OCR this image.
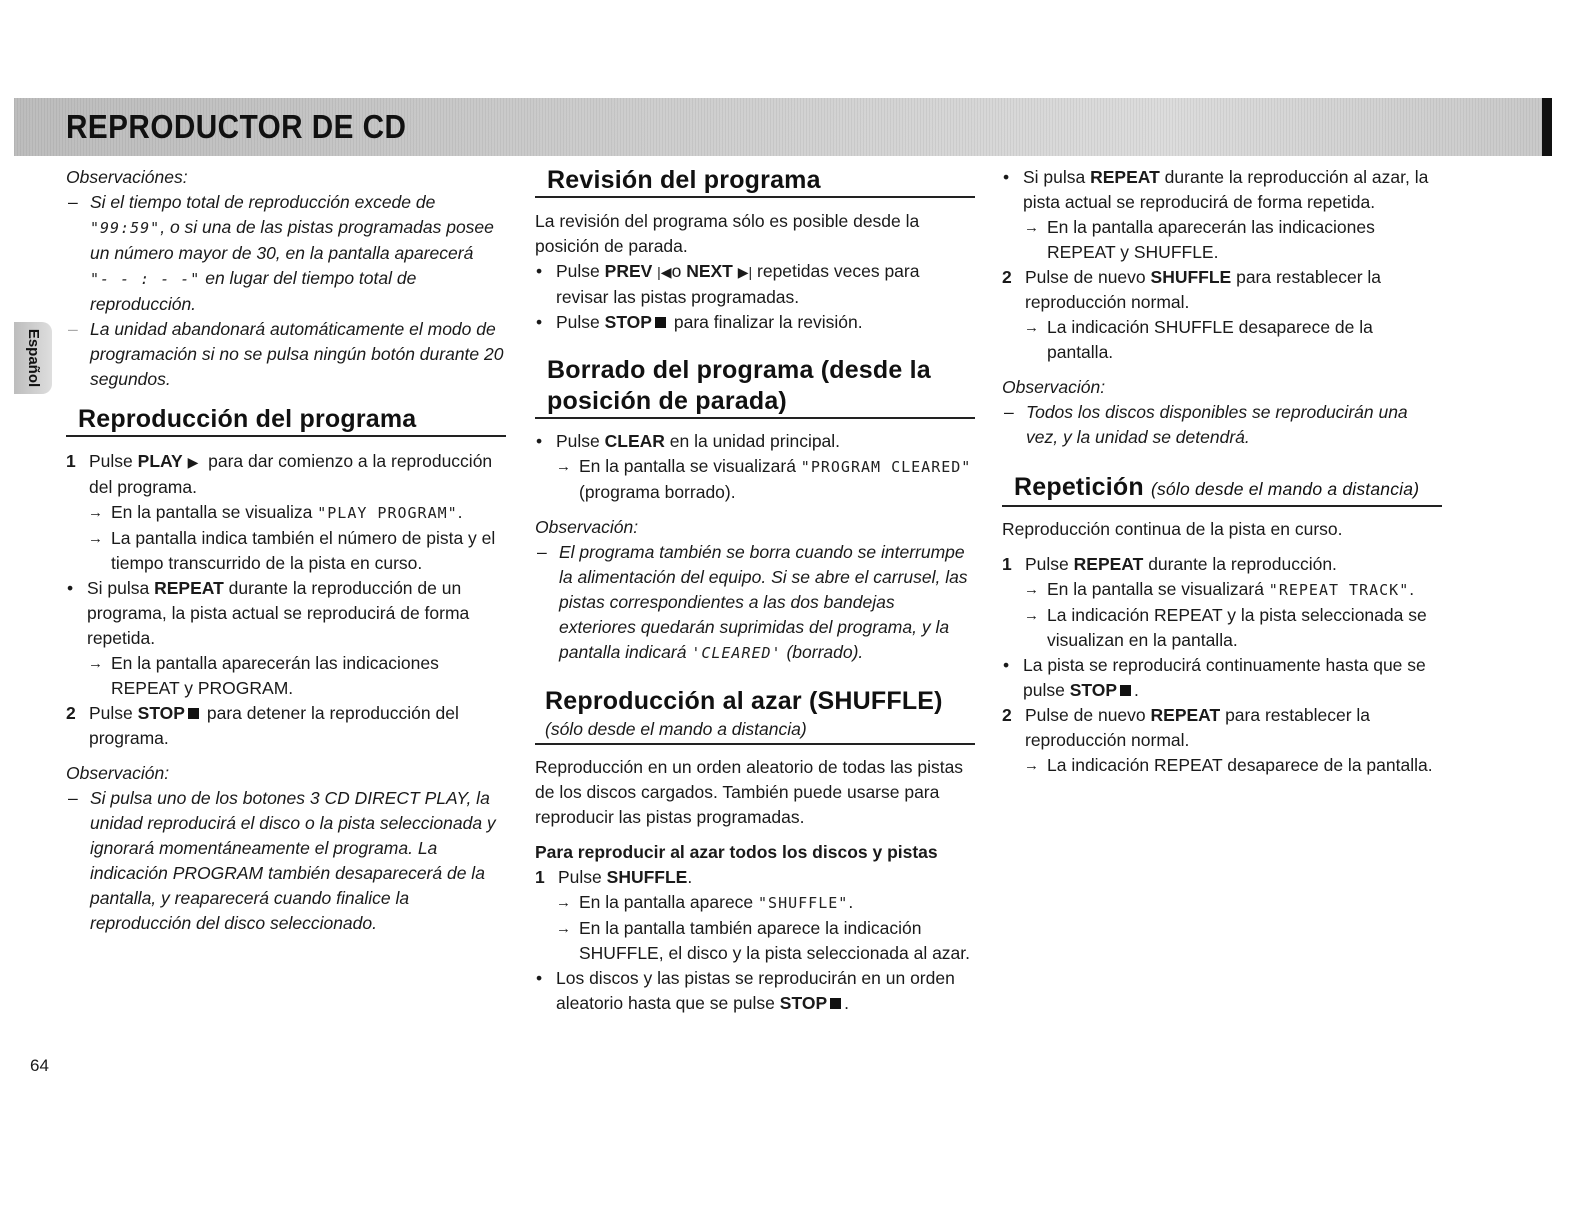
REPRODUCTOR DE CD
Español

Observaciónes:

– Si el tiempo total de reproducción excede de
"99:59", o si una de las pistas programadas posee
un número mayor de 30, en la pantalla aparecerá
"- - : - -" en lugar del tiempo total de reproducción.

– La unidad abandonará automáticamente el modo de programación si no se pulsa ningún botón durante 20 segundos.

Reproducción del programa

1 Pulse PLAY ▶ para dar comienzo a la reproducción del programa.

→ En la pantalla se visualiza "PLAY PROGRAM".

→ La pantalla indica también el número de pista y el tiempo transcurrido de la pista en curso.

• Si pulsa REPEAT durante la reproducción de un programa, la pista actual se reproducirá de forma repetida.

→ En la pantalla aparecerán las indicaciones REPEAT y PROGRAM.

2 Pulse STOP para detener la reproducción del programa.

Observación:

– Si pulsa uno de los botones 3 CD DIRECT PLAY, la unidad reproducirá el disco o la pista seleccionada y ignorará momentáneamente el programa. La indicación PROGRAM también desaparecerá de la pantalla, y reaparecerá cuando finalice la reproducción del disco seleccionado.

Revisión del programa

La revisión del programa sólo es posible desde la posición de parada.

• Pulse PREV |◀o NEXT ▶| repetidas veces para revisar las pistas programadas.

• Pulse STOP para finalizar la revisión.

Borrado del programa (desde la posición de parada)

• Pulse CLEAR en la unidad principal.

→ En la pantalla se visualizará "PROGRAM CLEARED" (programa borrado).

Observación:

– El programa también se borra cuando se interrumpe la alimentación del equipo. Si se abre el carrusel, las pistas correspondientes a las dos bandejas exteriores quedarán suprimidas del programa, y la pantalla indicará 'CLEARED' (borrado).

Reproducción al azar (SHUFFLE)

(sólo desde el mando a distancia)

Reproducción en un orden aleatorio de todas las pistas de los discos cargados. También puede usarse para reproducir las pistas programadas.

Para reproducir al azar todos los discos y pistas

1 Pulse SHUFFLE.

→ En la pantalla aparece "SHUFFLE".

→ En la pantalla también aparece la indicación SHUFFLE, el disco y la pista seleccionada al azar.

• Los discos y las pistas se reproducirán en un orden aleatorio hasta que se pulse STOP .

• Si pulsa REPEAT durante la reproducción al azar, la pista actual se reproducirá de forma repetida.

→ En la pantalla aparecerán las indicaciones REPEAT y SHUFFLE.

2 Pulse de nuevo SHUFFLE para restablecer la reproducción normal.

→ La indicación SHUFFLE desaparece de la pantalla.

Observación:

– Todos los discos disponibles se reproducirán una vez, y la unidad se detendrá.

Repetición (sólo desde el mando a distancia)

Reproducción continua de la pista en curso.

1 Pulse REPEAT durante la reproducción.

→ En la pantalla se visualizará "REPEAT TRACK".

→ La indicación REPEAT y la pista seleccionada se visualizan en la pantalla.

• La pista se reproducirá continuamente hasta que se pulse STOP .

2 Pulse de nuevo REPEAT para restablecer la reproducción normal.

→ La indicación REPEAT desaparece de la pantalla.

64
